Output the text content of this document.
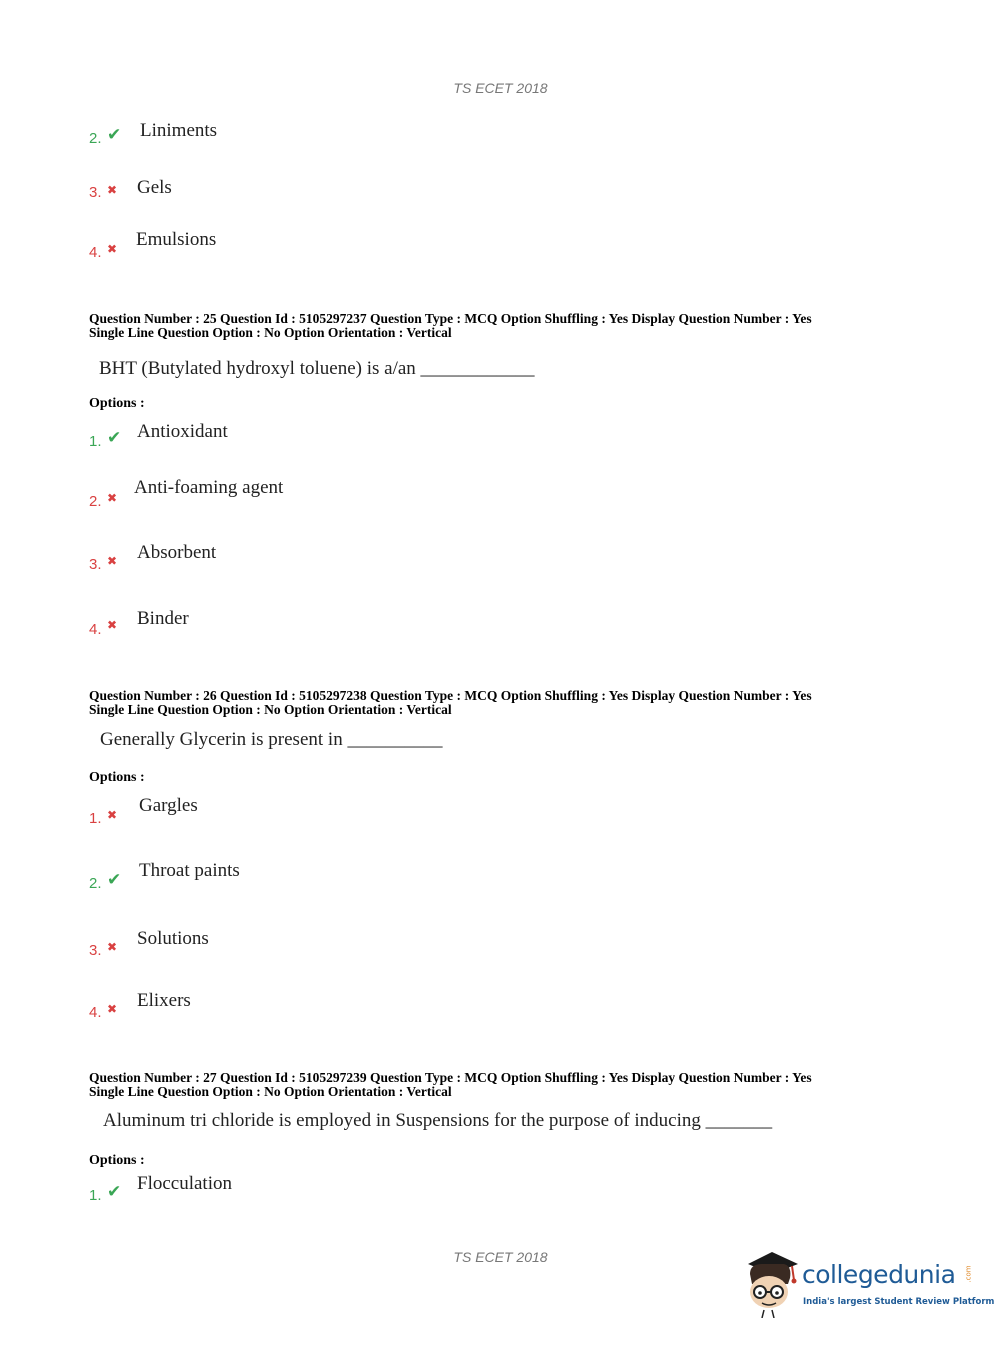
TS ECET 2018
2. ✔ Liniments
3. ✖ Gels
4. ✖ Emulsions
Question Number : 25 Question Id : 5105297237 Question Type : MCQ Option Shuffling : Yes Display Question Number : Yes
Single Line Question Option : No Option Orientation : Vertical
BHT (Butylated hydroxyl toluene) is a/an ____________
Options :
1. ✔ Antioxidant
2. ✖ Anti-foaming agent
3. ✖ Absorbent
4. ✖ Binder
Question Number : 26 Question Id : 5105297238 Question Type : MCQ Option Shuffling : Yes Display Question Number : Yes
Single Line Question Option : No Option Orientation : Vertical
Generally Glycerin is present in __________
Options :
1. ✖ Gargles
2. ✔ Throat paints
3. ✖ Solutions
4. ✖ Elixers
Question Number : 27 Question Id : 5105297239 Question Type : MCQ Option Shuffling : Yes Display Question Number : Yes
Single Line Question Option : No Option Orientation : Vertical
Aluminum tri chloride is employed in Suspensions for the purpose of inducing _______
Options :
1. ✔ Flocculation
TS ECET 2018
collegedunia .com
India's largest Student Review Platform
